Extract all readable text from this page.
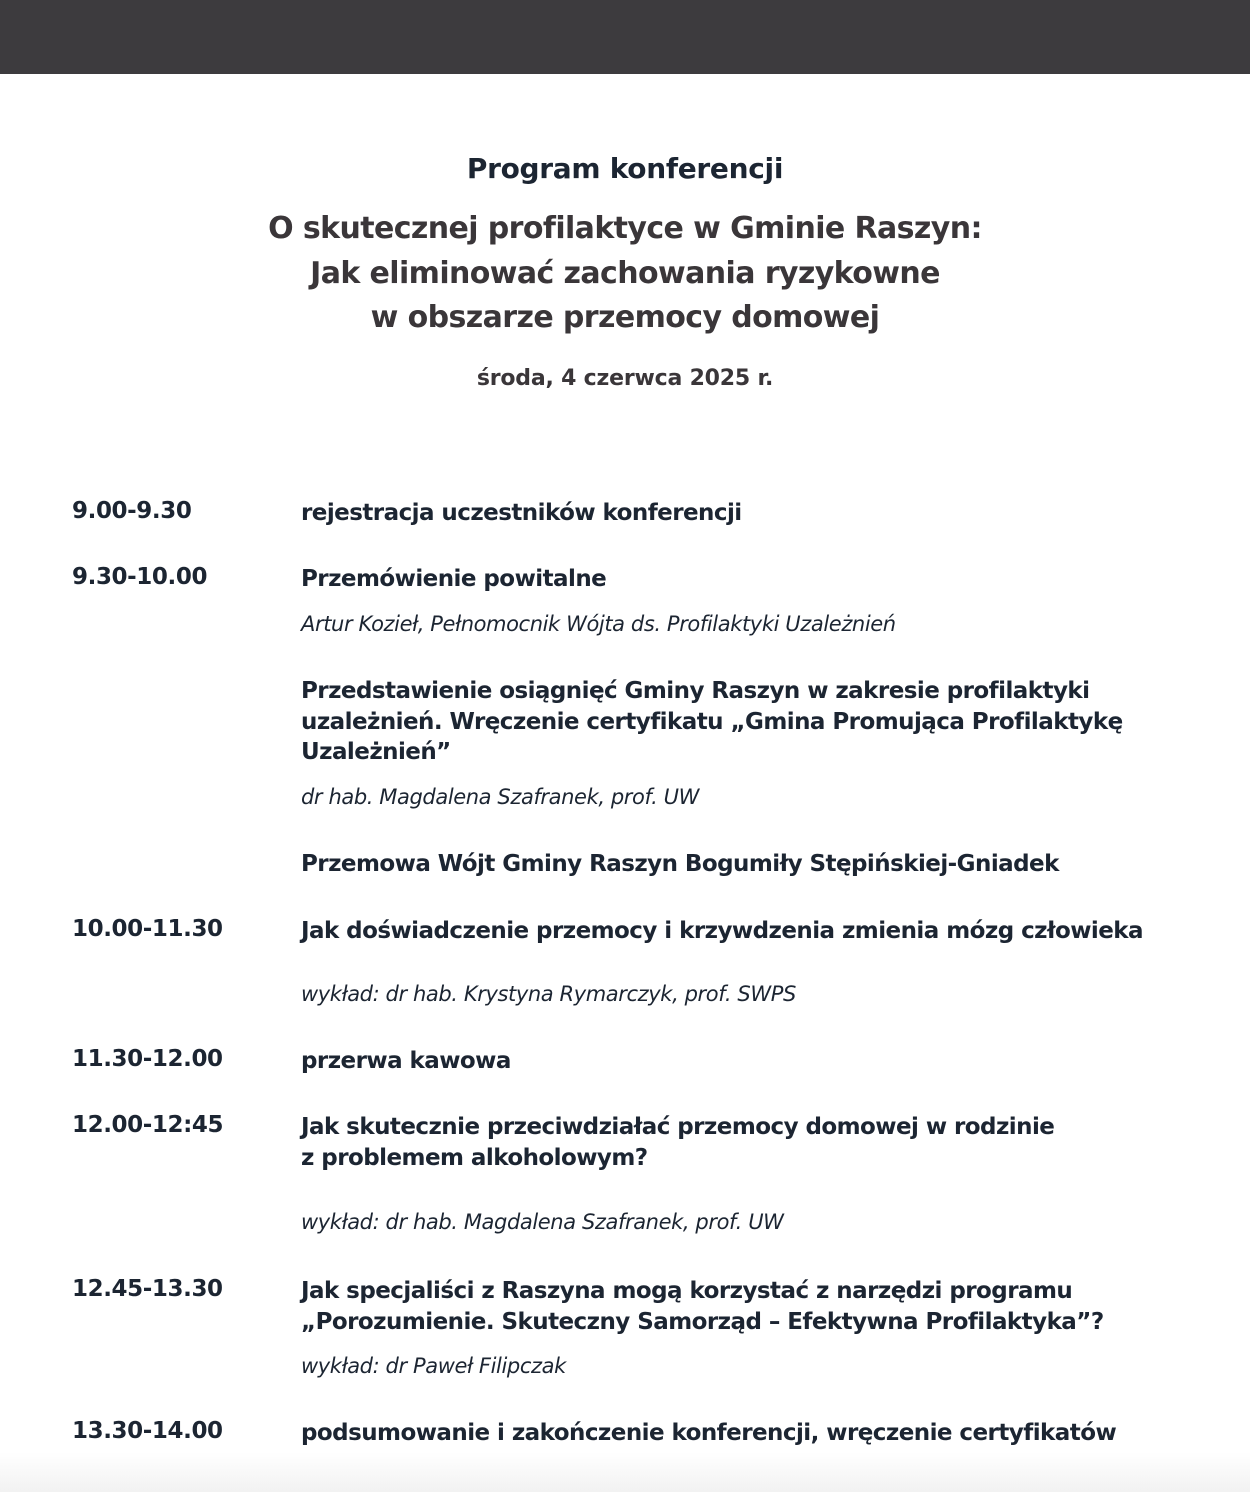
Program konferencji
O skutecznej profilaktyce w Gminie Raszyn:
Jak eliminować zachowania ryzykowne
w obszarze przemocy domowej
środa, 4 czerwca 2025 r.
9.00-9.30	rejestracja uczestników konferencji
9.30-10.00	Przemówienie powitalne
Artur Kozieł, Pełnomocnik Wójta ds. Profilaktyki Uzależnień
Przedstawienie osiągnięć Gminy Raszyn w zakresie profilaktyki
uzależnień. Wręczenie certyfikatu „Gmina Promująca Profilaktykę
Uzależnień”
dr hab. Magdalena Szafranek, prof. UW
Przemowa Wójt Gminy Raszyn Bogumiły Stępińskiej-Gniadek
10.00-11.30	Jak doświadczenie przemocy i krzywdzenia zmienia mózg człowieka
wykład: dr hab. Krystyna Rymarczyk, prof. SWPS
11.30-12.00	przerwa kawowa
12.00-12:45	Jak skutecznie przeciwdziałać przemocy domowej w rodzinie
z problemem alkoholowym?
wykład: dr hab. Magdalena Szafranek, prof. UW
12.45-13.30	Jak specjaliści z Raszyna mogą korzystać z narzędzi programu
„Porozumienie. Skuteczny Samorząd – Efektywna Profilaktyka”?
wykład: dr Paweł Filipczak
13.30-14.00	podsumowanie i zakończenie konferencji, wręczenie certyfikatów
